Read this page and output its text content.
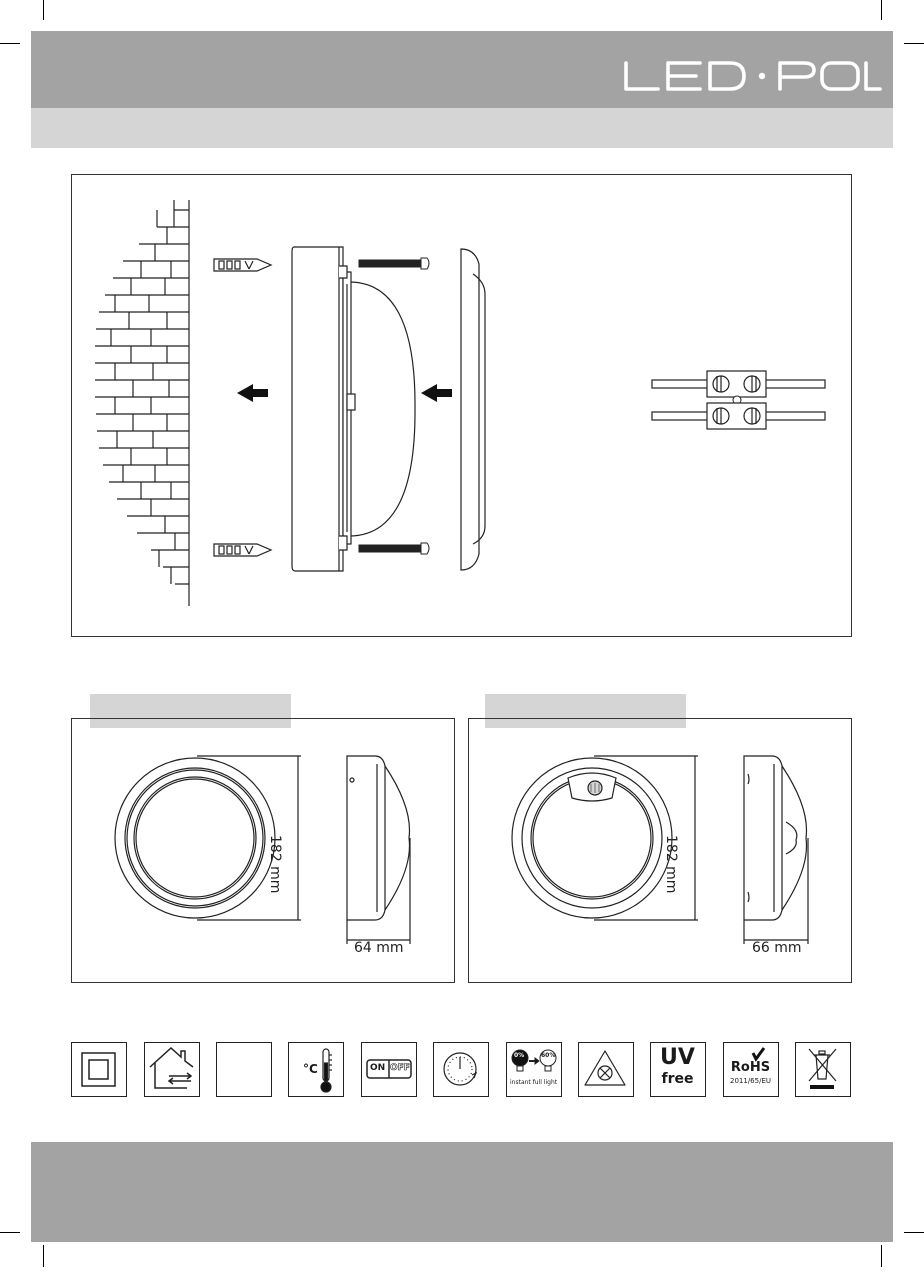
182 mm
64 mm
182 mm
66 mm
°C	ON OFF
0%	60%
instant full light
UV
free
RoHS
2011/65/EU
